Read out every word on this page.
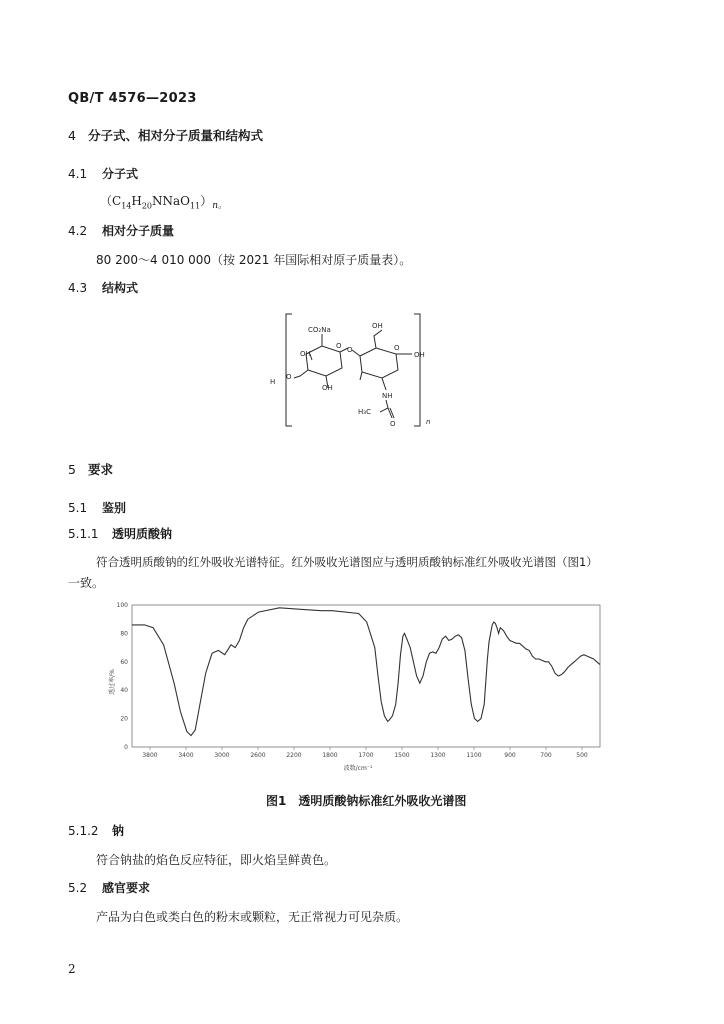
QB/T 4576—2023
4 分子式、相对分子质量和结构式
4.1 分子式
$(C_{14}H_{20}NNaO_{11})_{n。}$
4.2 相对分子质量
80 200～4 010 000（按 2021 年国际相对原子质量表）。
4.3 结构式
CO₂Na	OH
OH
OH
OH
O	O
O
O
H
NH
H₃C
O	n
5 要求
5.1 鉴别
5.1.1 透明质酸钠
符合透明质酸钠的红外吸收光谱特征。红外吸收光谱图应与透明质酸钠标准红外吸收光谱图（图1）
一致。
0
20
40
60
80
100
3800	3400	3000	2600	2200	1800	1700	1500	1300	1100	900	700	500
透过率/%
波数/cm⁻¹
图1　透明质酸钠标准红外吸收光谱图
5.1.2 钠
符合钠盐的焰色反应特征，即火焰呈鲜黄色。
5.2 感官要求
产品为白色或类白色的粉末或颗粒，无正常视力可见杂质。
2
